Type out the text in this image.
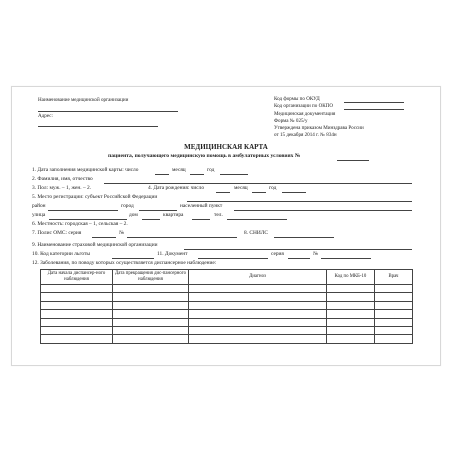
Наименование медицинской организации
Адрес:
Код формы по ОКУД
Код организации по ОКПО
Медицинская документация
Форма № 025/у
Утверждена приказом Минздрава России
от 15 декабря 2014 г. № 834н
МЕДИЦИНСКАЯ КАРТА
пациента, получающего медицинскую помощь в амбулаторных условиях №
1. Дата заполнения медицинской карты: число	месяц	год
2. Фамилия, имя, отчество
3. Пол: муж. – 1, жен. – 2.	4. Дата рождения: число	месяц	год
5. Место регистрации: субъект Российской Федерации
район	город	населенный пункт
улица	дом	квартира	тел.
6. Местность: городская – 1, сельская – 2.
7. Полис ОМС: серия	№	8. СНИЛС
9. Наименование страховой медицинской организации
10. Код категории льготы	11. Документ	серия	№
12. Заболевания, по поводу которых осуществляется диспансерное наблюдение:
Дата начала диспансер-ного наблюдения	Дата прекращения дис-пансерного наблюдения	Диагноз	Код по МКБ-10	Врач
